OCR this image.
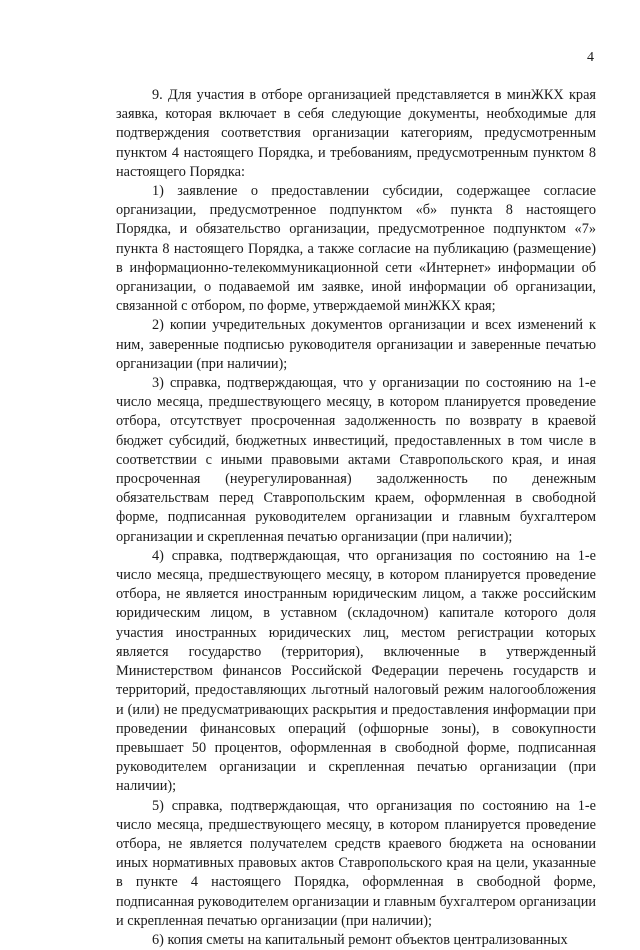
4

9. Для участия в отборе организацией представляется в минЖКХ края заявка, которая включает в себя следующие документы, необходимые для подтверждения соответствия организации категориям, предусмотренным пунктом 4 настоящего Порядка, и требованиям, предусмотренным пунктом 8 настоящего Порядка:

1) заявление о предоставлении субсидии, содержащее согласие организации, предусмотренное подпунктом «б» пункта 8 настоящего Порядка, и обязательство организации, предусмотренное подпунктом «7» пункта 8 настоящего Порядка, а также согласие на публикацию (размещение) в информационно-телекоммуникационной сети «Интернет» информации об организации, о подаваемой им заявке, иной информации об организации, связанной с отбором, по форме, утверждаемой минЖКХ края;

2) копии учредительных документов организации и всех изменений к ним, заверенные подписью руководителя организации и заверенные печатью организации (при наличии);

3) справка, подтверждающая, что у организации по состоянию на 1-е число месяца, предшествующего месяцу, в котором планируется проведение отбора, отсутствует просроченная задолженность по возврату в краевой бюджет субсидий, бюджетных инвестиций, предоставленных в том числе в соответствии с иными правовыми актами Ставропольского края, и иная просроченная (неурегулированная) задолженность по денежным обязательствам перед Ставропольским краем, оформленная в свободной форме, подписанная руководителем организации и главным бухгалтером организации и скрепленная печатью организации (при наличии);

4) справка, подтверждающая, что организация по состоянию на 1-е число месяца, предшествующего месяцу, в котором планируется проведение отбора, не является иностранным юридическим лицом, а также российским юридическим лицом, в уставном (складочном) капитале которого доля участия иностранных юридических лиц, местом регистрации которых является государство (территория), включенные в утвержденный Министерством финансов Российской Федерации перечень государств и территорий, предоставляющих льготный налоговый режим налогообложения и (или) не предусматривающих раскрытия и предоставления информации при проведении финансовых операций (офшорные зоны), в совокупности превышает 50 процентов, оформленная в свободной форме, подписанная руководителем организации и скрепленная печатью организации (при наличии);

5) справка, подтверждающая, что организация по состоянию на 1-е число месяца, предшествующего месяцу, в котором планируется проведение отбора, не является получателем средств краевого бюджета на основании иных нормативных правовых актов Ставропольского края на цели, указанные в пункте 4 настоящего Порядка, оформленная в свободной форме, подписанная руководителем организации и главным бухгалтером организации и скрепленная печатью организации (при наличии);

6) копия сметы на капитальный ремонт объектов централизованных
